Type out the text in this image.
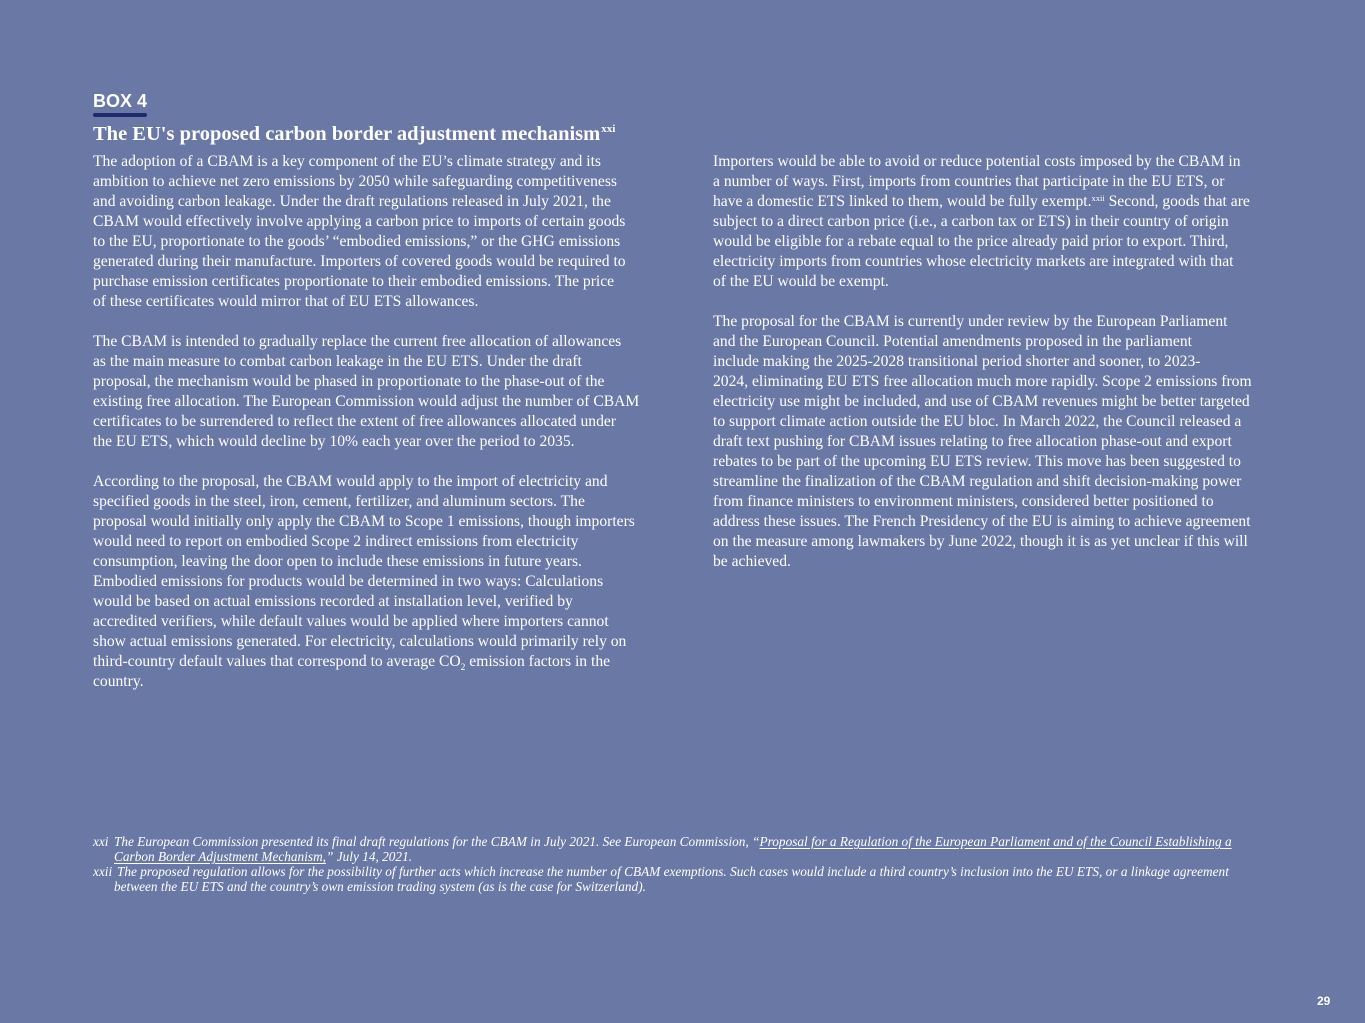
BOX 4
The EU's proposed carbon border adjustment mechanism$^{xxi}$
The adoption of a CBAM is a key component of the EU’s climate strategy and its
ambition to achieve net zero emissions by 2050 while safeguarding competitiveness
and avoiding carbon leakage. Under the draft regulations released in July 2021, the
CBAM would effectively involve applying a carbon price to imports of certain goods
to the EU, proportionate to the goods’ “embodied emissions,” or the GHG emissions
generated during their manufacture. Importers of covered goods would be required to
purchase emission certificates proportionate to their embodied emissions. The price
of these certificates would mirror that of EU ETS allowances.
The CBAM is intended to gradually replace the current free allocation of allowances
as the main measure to combat carbon leakage in the EU ETS. Under the draft
proposal, the mechanism would be phased in proportionate to the phase-out of the
existing free allocation. The European Commission would adjust the number of CBAM
certificates to be surrendered to reflect the extent of free allowances allocated under
the EU ETS, which would decline by 10% each year over the period to 2035.
According to the proposal, the CBAM would apply to the import of electricity and
specified goods in the steel, iron, cement, fertilizer, and aluminum sectors. The
proposal would initially only apply the CBAM to Scope 1 emissions, though importers
would need to report on embodied Scope 2 indirect emissions from electricity
consumption, leaving the door open to include these emissions in future years.
Embodied emissions for products would be determined in two ways: Calculations
would be based on actual emissions recorded at installation level, verified by
accredited verifiers, while default values would be applied where importers cannot
show actual emissions generated. For electricity, calculations would primarily rely on
third-country default values that correspond to average $CO_2$ emission factors in the
country.
Importers would be able to avoid or reduce potential costs imposed by the CBAM in
a number of ways. First, imports from countries that participate in the EU ETS, or
have a domestic ETS linked to them, would be fully exempt.$^{xxii}$ Second, goods that are
subject to a direct carbon price (i.e., a carbon tax or ETS) in their country of origin
would be eligible for a rebate equal to the price already paid prior to export. Third,
electricity imports from countries whose electricity markets are integrated with that
of the EU would be exempt.
The proposal for the CBAM is currently under review by the European Parliament
and the European Council. Potential amendments proposed in the parliament
include making the 2025-2028 transitional period shorter and sooner, to 2023-
2024, eliminating EU ETS free allocation much more rapidly. Scope 2 emissions from
electricity use might be included, and use of CBAM revenues might be better targeted
to support climate action outside the EU bloc. In March 2022, the Council released a
draft text pushing for CBAM issues relating to free allocation phase-out and export
rebates to be part of the upcoming EU ETS review. This move has been suggested to
streamline the finalization of the CBAM regulation and shift decision-making power
from finance ministers to environment ministers, considered better positioned to
address these issues. The French Presidency of the EU is aiming to achieve agreement
on the measure among lawmakers by June 2022, though it is as yet unclear if this will
be achieved.

xxi

The European Commission presented its final draft regulations for the CBAM in July 2021. See European Commission, “Proposal for a Regulation of the European Parliament and of the Council Establishing a

Carbon Border Adjustment Mechanism,” July 14, 2021.

xxii

The proposed regulation allows for the possibility of further acts which increase the number of CBAM exemptions. Such cases would include a third country’s inclusion into the EU ETS, or a linkage agreement

between the EU ETS and the country’s own emission trading system (as is the case for Switzerland).

29
